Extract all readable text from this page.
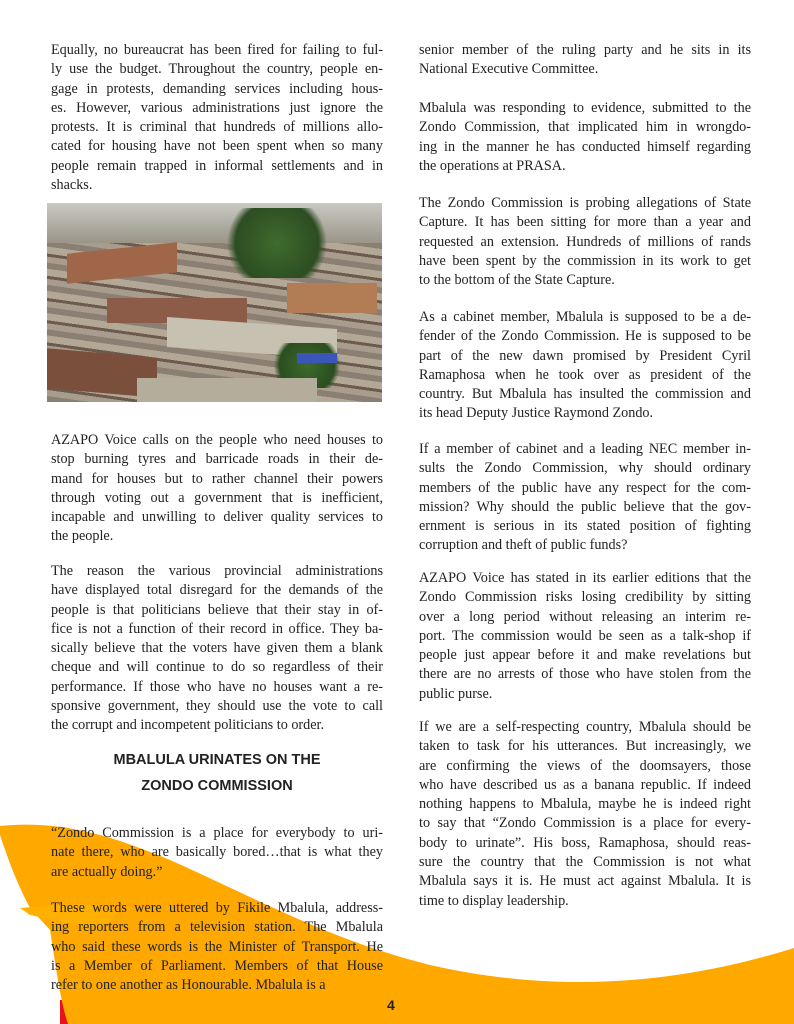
Equally, no bureaucrat has been fired for failing to ful-
ly use the budget. Throughout the country, people en-
gage in protests, demanding services including hous-
es. However, various administrations just ignore the
protests. It is criminal that hundreds of millions allo-
cated for housing have not been spent when so many
people remain trapped in informal settlements and in
shacks.
AZAPO Voice calls on the people who need houses to
stop burning tyres and barricade roads in their de-
mand for houses but to rather channel their powers
through voting out a government that is inefficient,
incapable and unwilling to deliver quality services to
the people.
The reason the various provincial administrations
have displayed total disregard for the demands of the
people is that politicians believe that their stay in of-
fice is not a function of their record in office. They ba-
sically believe that the voters have given them a blank
cheque and will continue to do so regardless of their
performance. If those who have no houses want a re-
sponsive government, they should use the vote to call
the corrupt and incompetent politicians to order.
“Zondo Commission is a place for everybody to uri-
nate there, who are basically bored…that is what they
are actually doing.”
These words were uttered by Fikile Mbalula, address-
ing reporters from a television station. The Mbalula
who said these words is the Minister of Transport. He
is a Member of Parliament. Members of that House
refer to one another as Honourable. Mbalula is a
senior member of the ruling party and he sits in its
National Executive Committee.
Mbalula was responding to evidence, submitted to the
Zondo Commission, that implicated him in wrongdo-
ing in the manner he has conducted himself regarding
the operations at PRASA.
The Zondo Commission is probing allegations of State
Capture. It has been sitting for more than a year and
requested an extension. Hundreds of millions of rands
have been spent by the commission in its work to get
to the bottom of the State Capture.
As a cabinet member, Mbalula is supposed to be a de-
fender of the Zondo Commission. He is supposed to be
part of the new dawn promised by President Cyril
Ramaphosa when he took over as president of the
country. But Mbalula has insulted the commission and
its head Deputy Justice Raymond Zondo.
If a member of cabinet and a leading NEC member in-
sults the Zondo Commission, why should ordinary
members of the public have any respect for the com-
mission? Why should the public believe that the gov-
ernment is serious in its stated position of fighting
corruption and theft of public funds?
AZAPO Voice has stated in its earlier editions that the
Zondo Commission risks losing credibility by sitting
over a long period without releasing an interim re-
port. The commission would be seen as a talk-shop if
people just appear before it and make revelations but
there are no arrests of those who have stolen from the
public purse.
If we are a self-respecting country, Mbalula should be
taken to task for his utterances. But increasingly, we
are confirming the views of the doomsayers, those
who have described us as a banana republic. If indeed
nothing happens to Mbalula, maybe he is indeed right
to say that “Zondo Commission is a place for every-
body to urinate”. His boss, Ramaphosa, should reas-
sure the country that the Commission is not what
Mbalula says it is. He must act against Mbalula. It is
time to display leadership.
MBALULA URINATES ON THE
ZONDO COMMISSION
4
